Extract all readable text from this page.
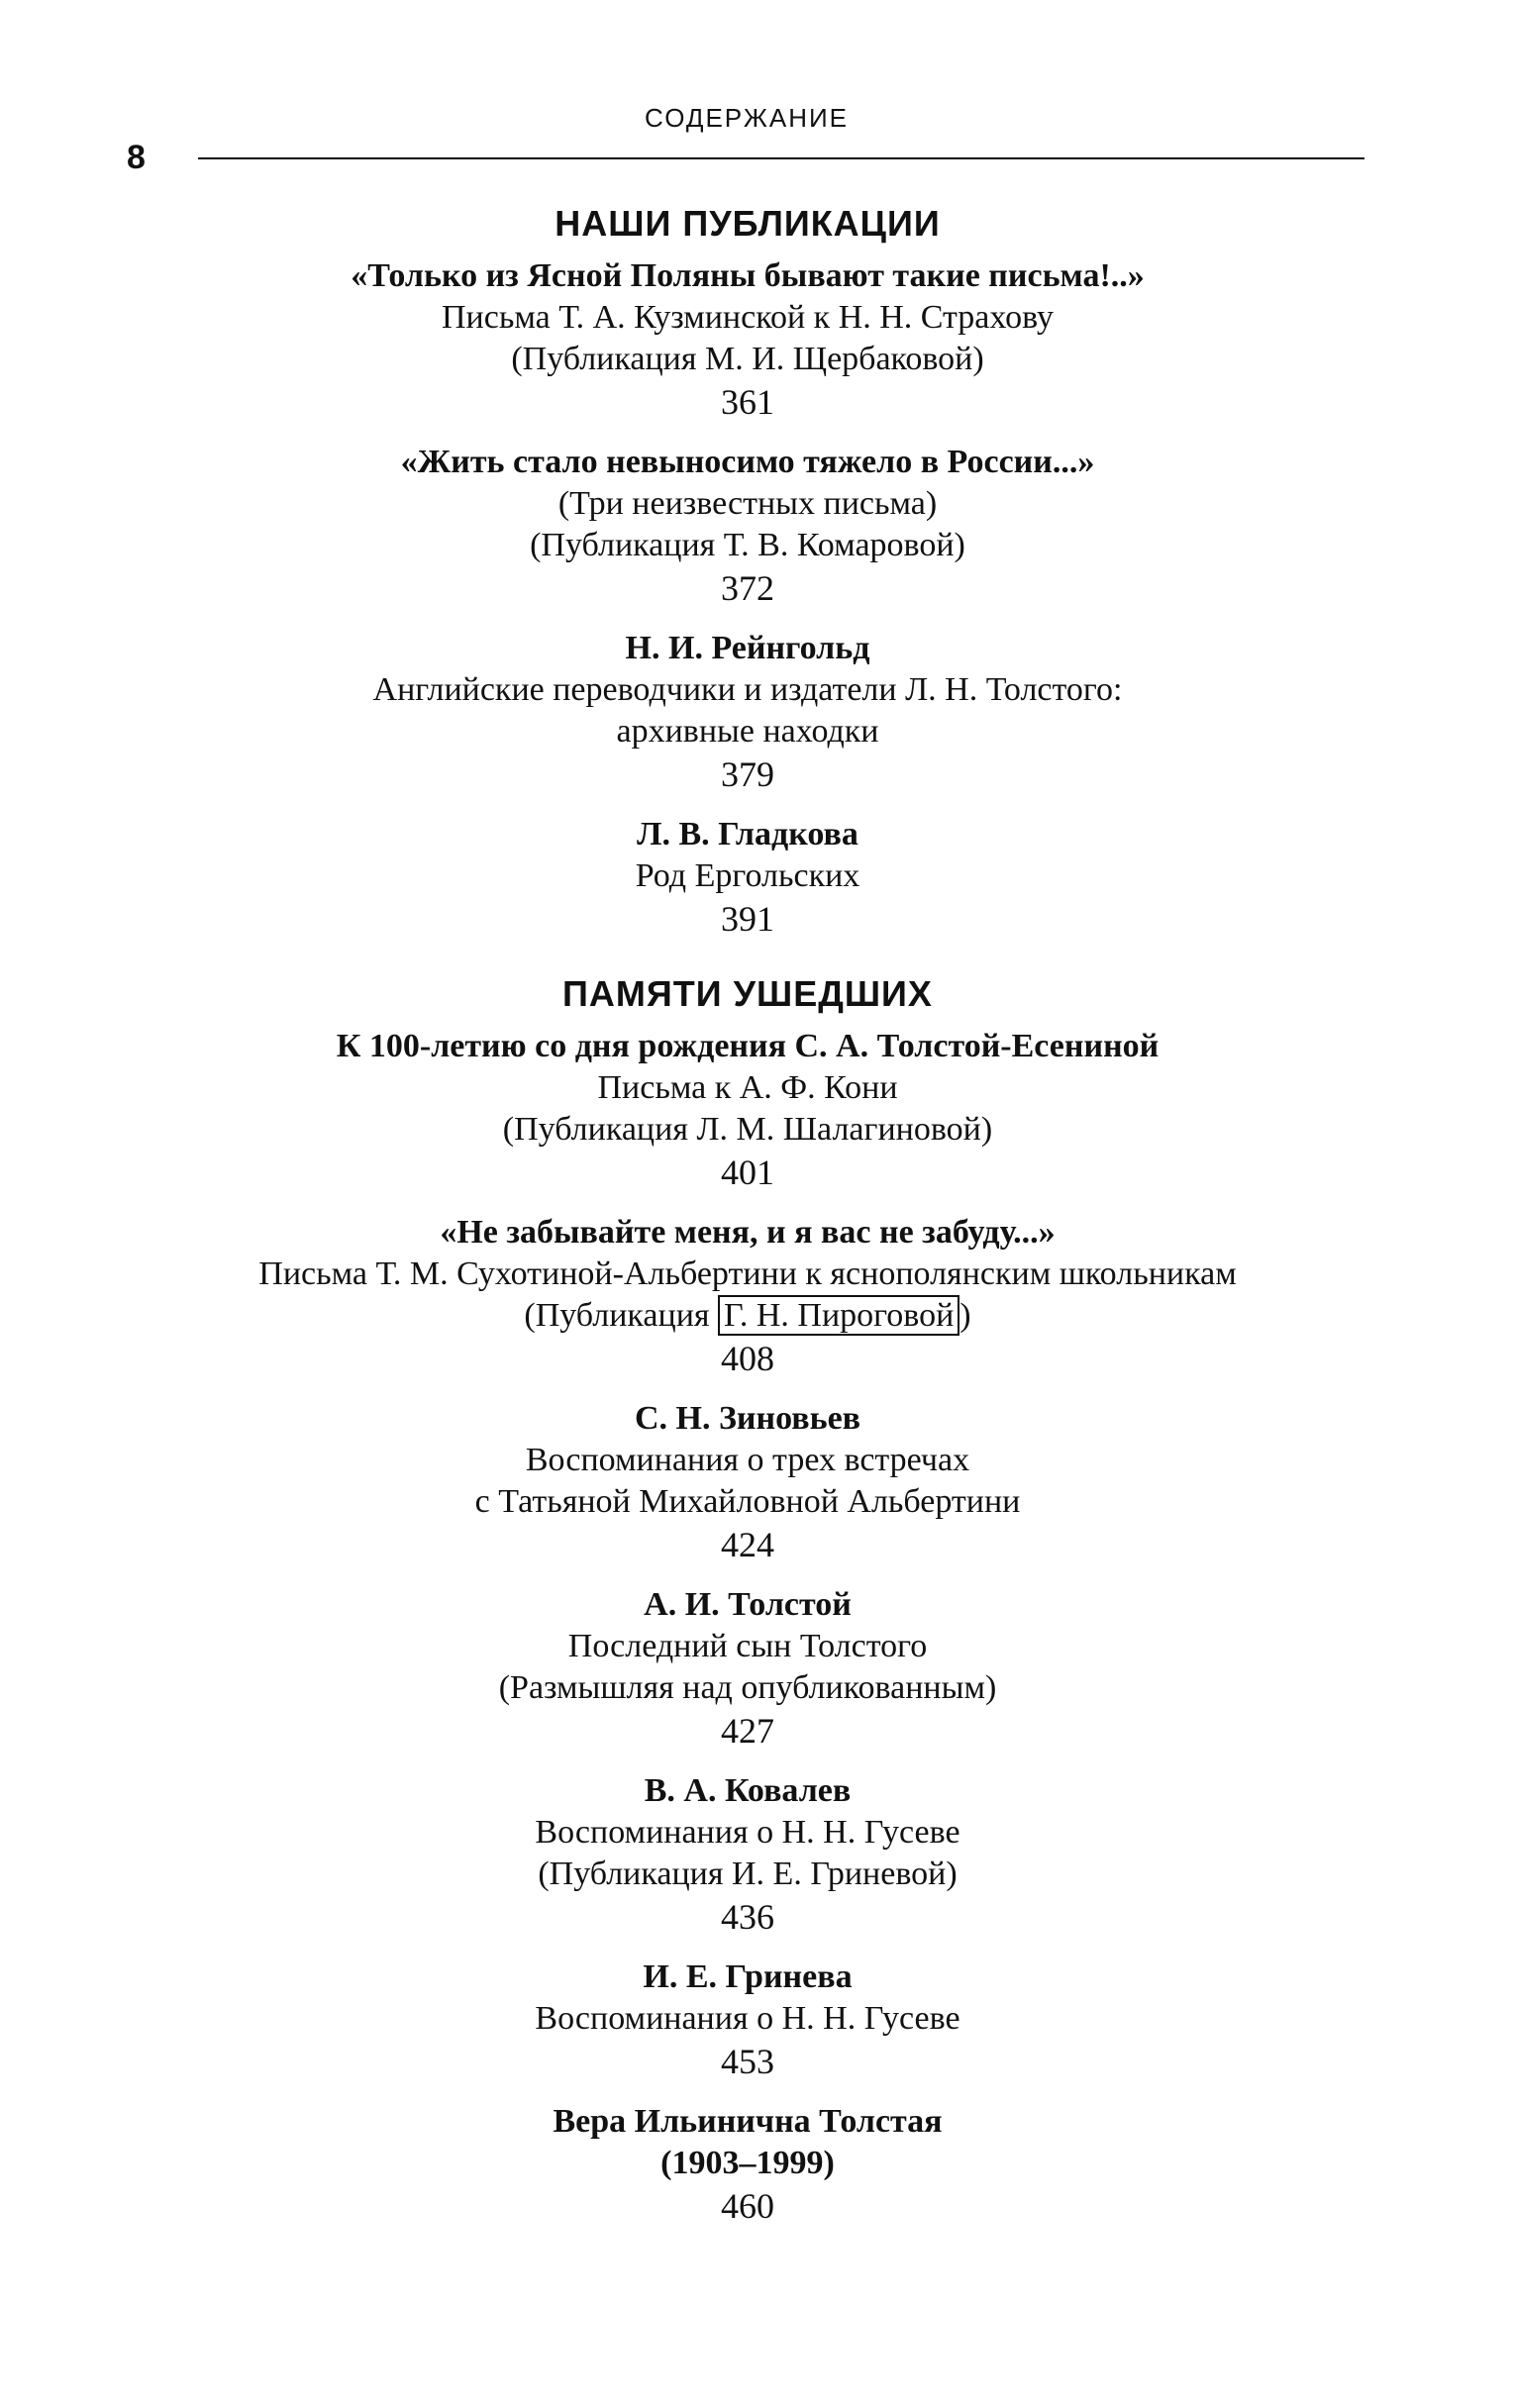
СОДЕРЖАНИЕ
8
НАШИ ПУБЛИКАЦИИ
«Только из Ясной Поляны бывают такие письма!..»
Письма Т. А. Кузминской к Н. Н. Страхову
(Публикация М. И. Щербаковой)
361
«Жить стало невыносимо тяжело в России...»
(Три неизвестных письма)
(Публикация Т. В. Комаровой)
372
Н. И. Рейнгольд
Английские переводчики и издатели Л. Н. Толстого:
архивные находки
379
Л. В. Гладкова
Род Ергольских
391
ПАМЯТИ УШЕДШИХ
К 100-летию со дня рождения С. А. Толстой-Есениной
Письма к А. Ф. Кони
(Публикация Л. М. Шалагиновой)
401
«Не забывайте меня, и я вас не забуду...»
Письма Т. М. Сухотиной-Альбертини к яснополянским школьникам
(Публикация Г. Н. Пироговой )
408
С. Н. Зиновьев
Воспоминания о трех встречах
с Татьяной Михайловной Альбертини
424
А. И. Толстой
Последний сын Толстого
(Размышляя над опубликованным)
427
В. А. Ковалев
Воспоминания о Н. Н. Гусеве
(Публикация И. Е. Гриневой)
436
И. Е. Гринева
Воспоминания о Н. Н. Гусеве
453
Вера Ильинична Толстая
(1903–1999)
460
